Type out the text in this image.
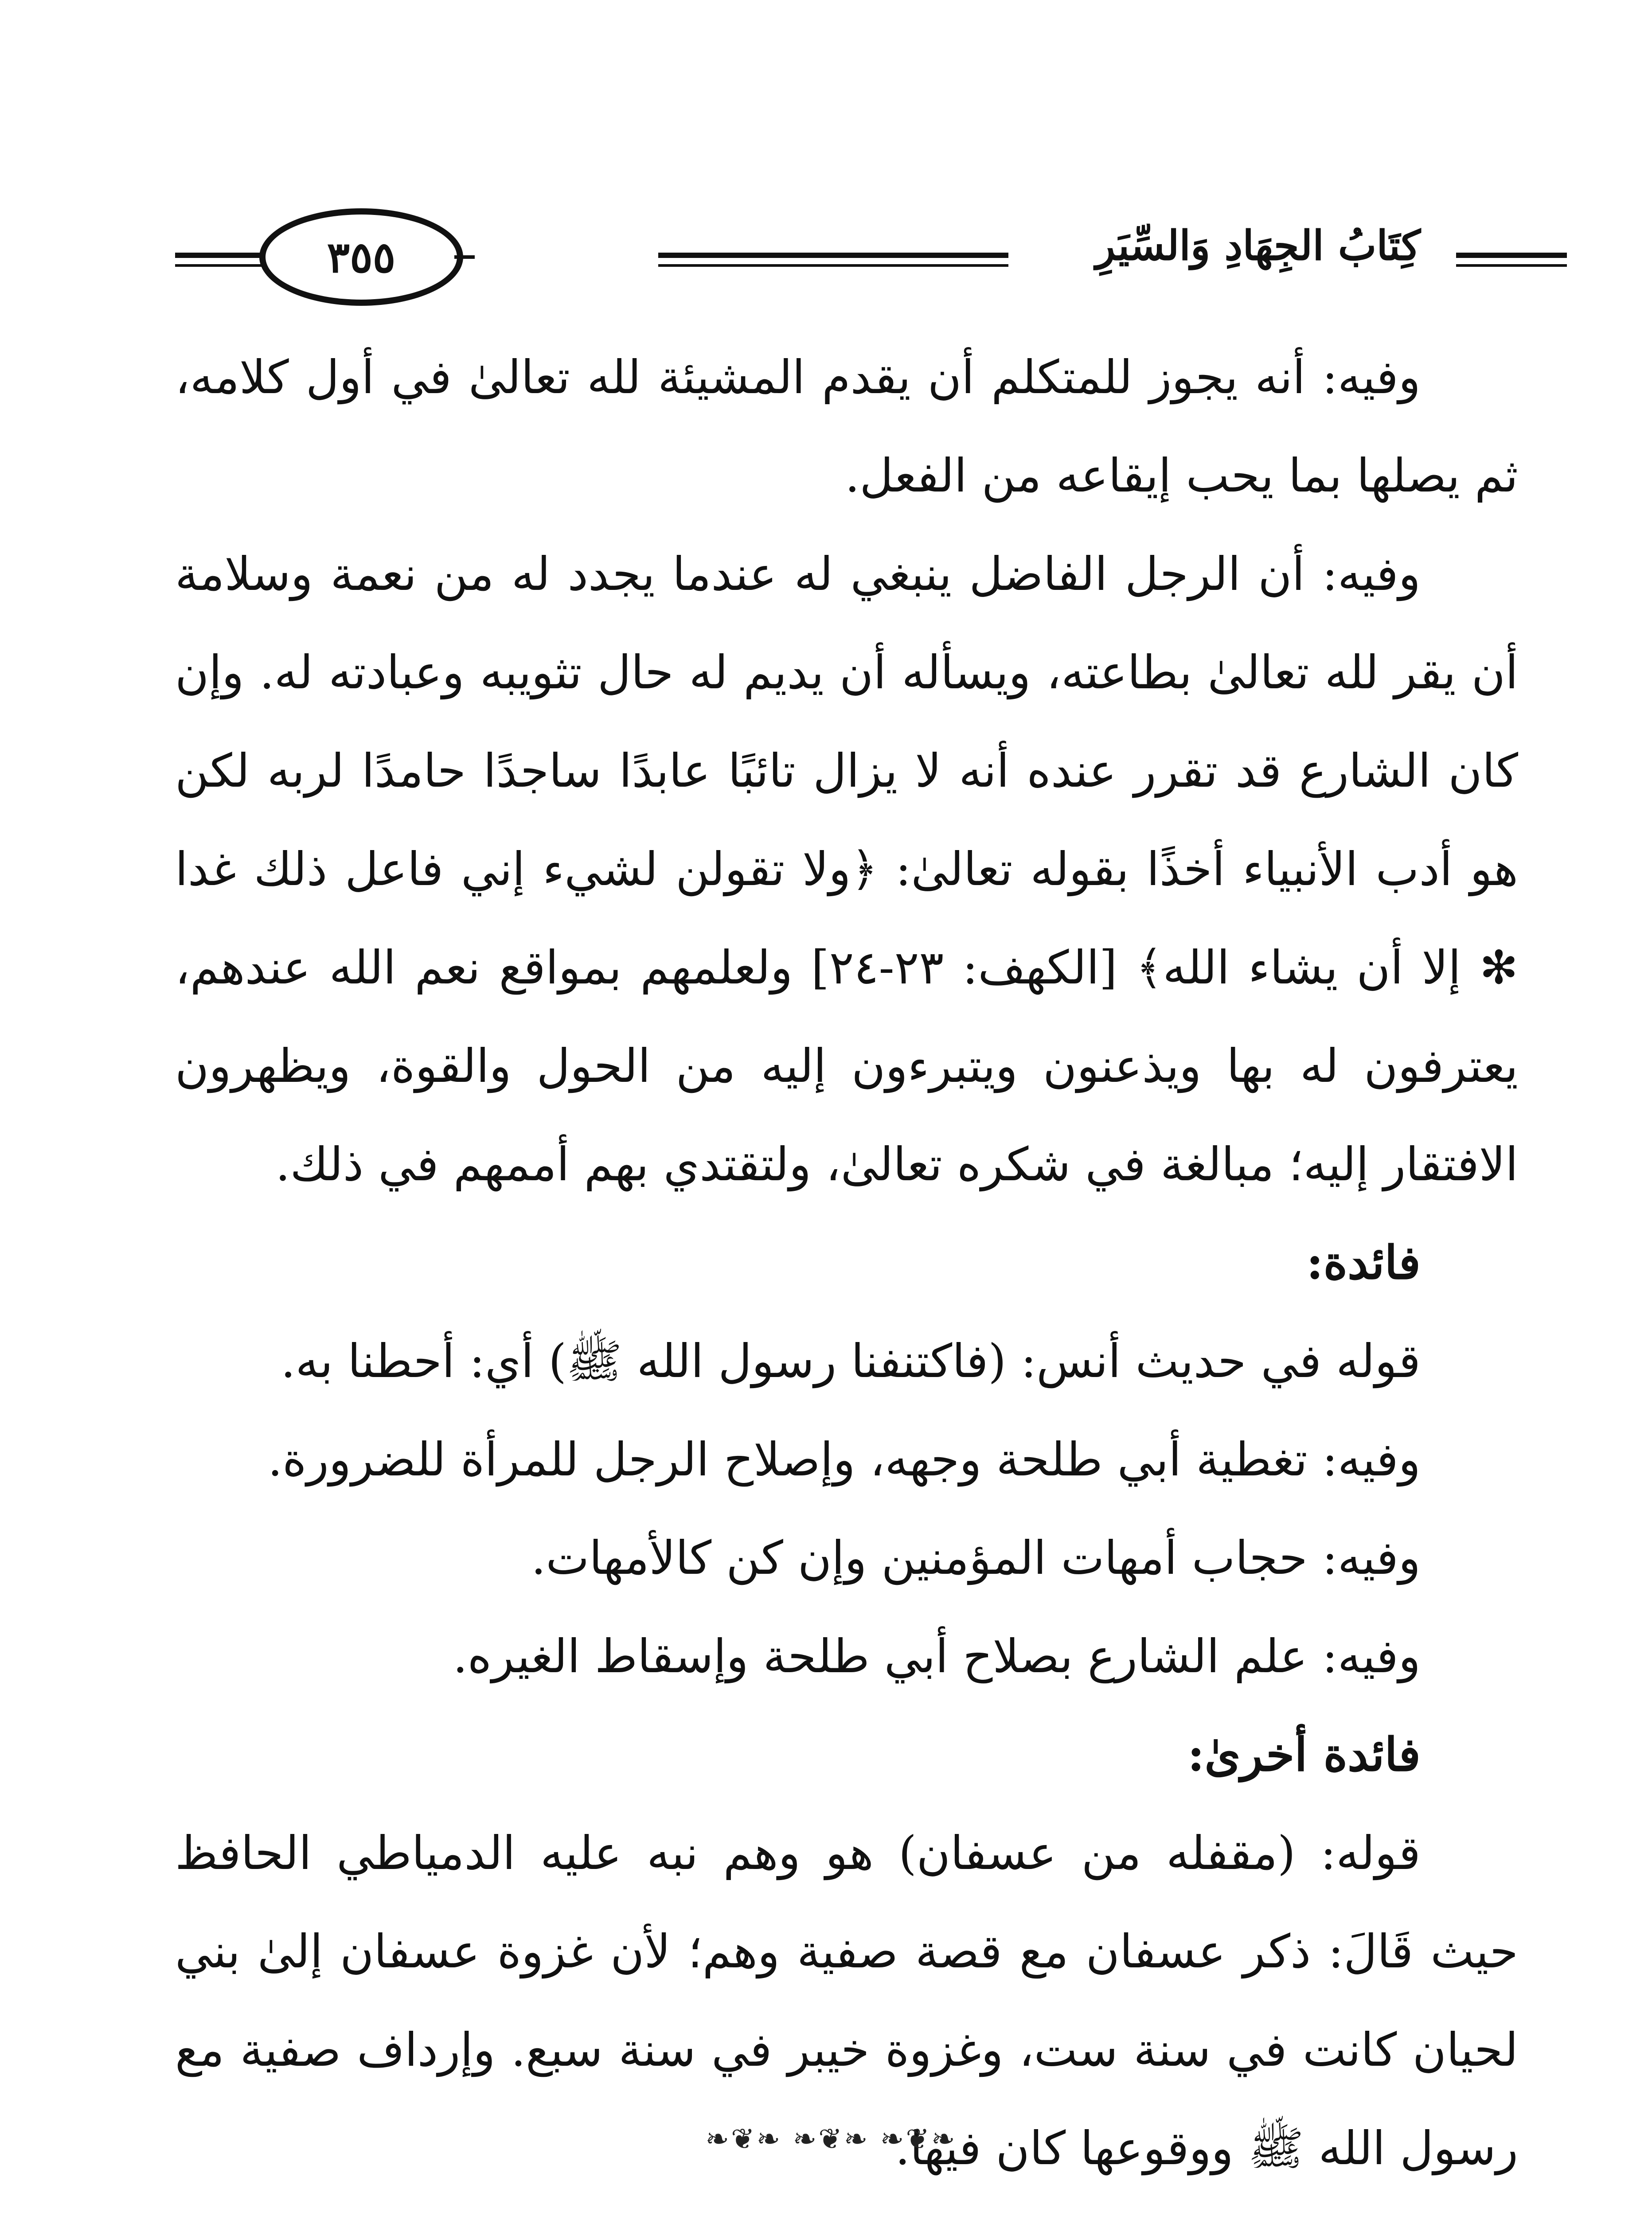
كِتَابُ الجِهَادِ وَالسِّيَرِ
٣٥٥

وفيه: أنه يجوز للمتكلم أن يقدم المشيئة لله تعالىٰ في أول كلامه، ثم يصلها بما يحب إيقاعه من الفعل.

وفيه: أن الرجل الفاضل ينبغي له عندما يجدد له من نعمة وسلامة أن يقر لله تعالىٰ بطاعته، ويسأله أن يديم له حال تثويبه وعبادته له. وإن كان الشارع قد تقرر عنده أنه لا يزال تائبًا عابدًا ساجدًا حامدًا لربه لكن هو أدب الأنبياء أخذًا بقوله تعالىٰ: ﴿ولا تقولن لشيء إني فاعل ذلك غدا ✻ إلا أن يشاء الله﴾ [الكهف: ٢٣-٢٤] ولعلمهم بمواقع نعم الله عندهم، يعترفون له بها ويذعنون ويتبرءون إليه من الحول والقوة، ويظهرون الافتقار إليه؛ مبالغة في شكره تعالىٰ، ولتقتدي بهم أممهم في ذلك.

فائدة:

قوله في حديث أنس: (فاكتنفنا رسول الله ﷺ) أي: أحطنا به.

وفيه: تغطية أبي طلحة وجهه، وإصلاح الرجل للمرأة للضرورة.

وفيه: حجاب أمهات المؤمنين وإن كن كالأمهات.

وفيه: علم الشارع بصلاح أبي طلحة وإسقاط الغيره.

فائدة أخرىٰ:

قوله: (مقفله من عسفان) هو وهم نبه عليه الدمياطي الحافظ حيث قَالَ: ذكر عسفان مع قصة صفية وهم؛ لأن غزوة عسفان إلىٰ بني لحيان كانت في سنة ست، وغزوة خيبر في سنة سبع. وإرداف صفية مع رسول الله ﷺ ووقوعها كان فيها.

❧❦❧ ❧❦❧ ❧❦❧
